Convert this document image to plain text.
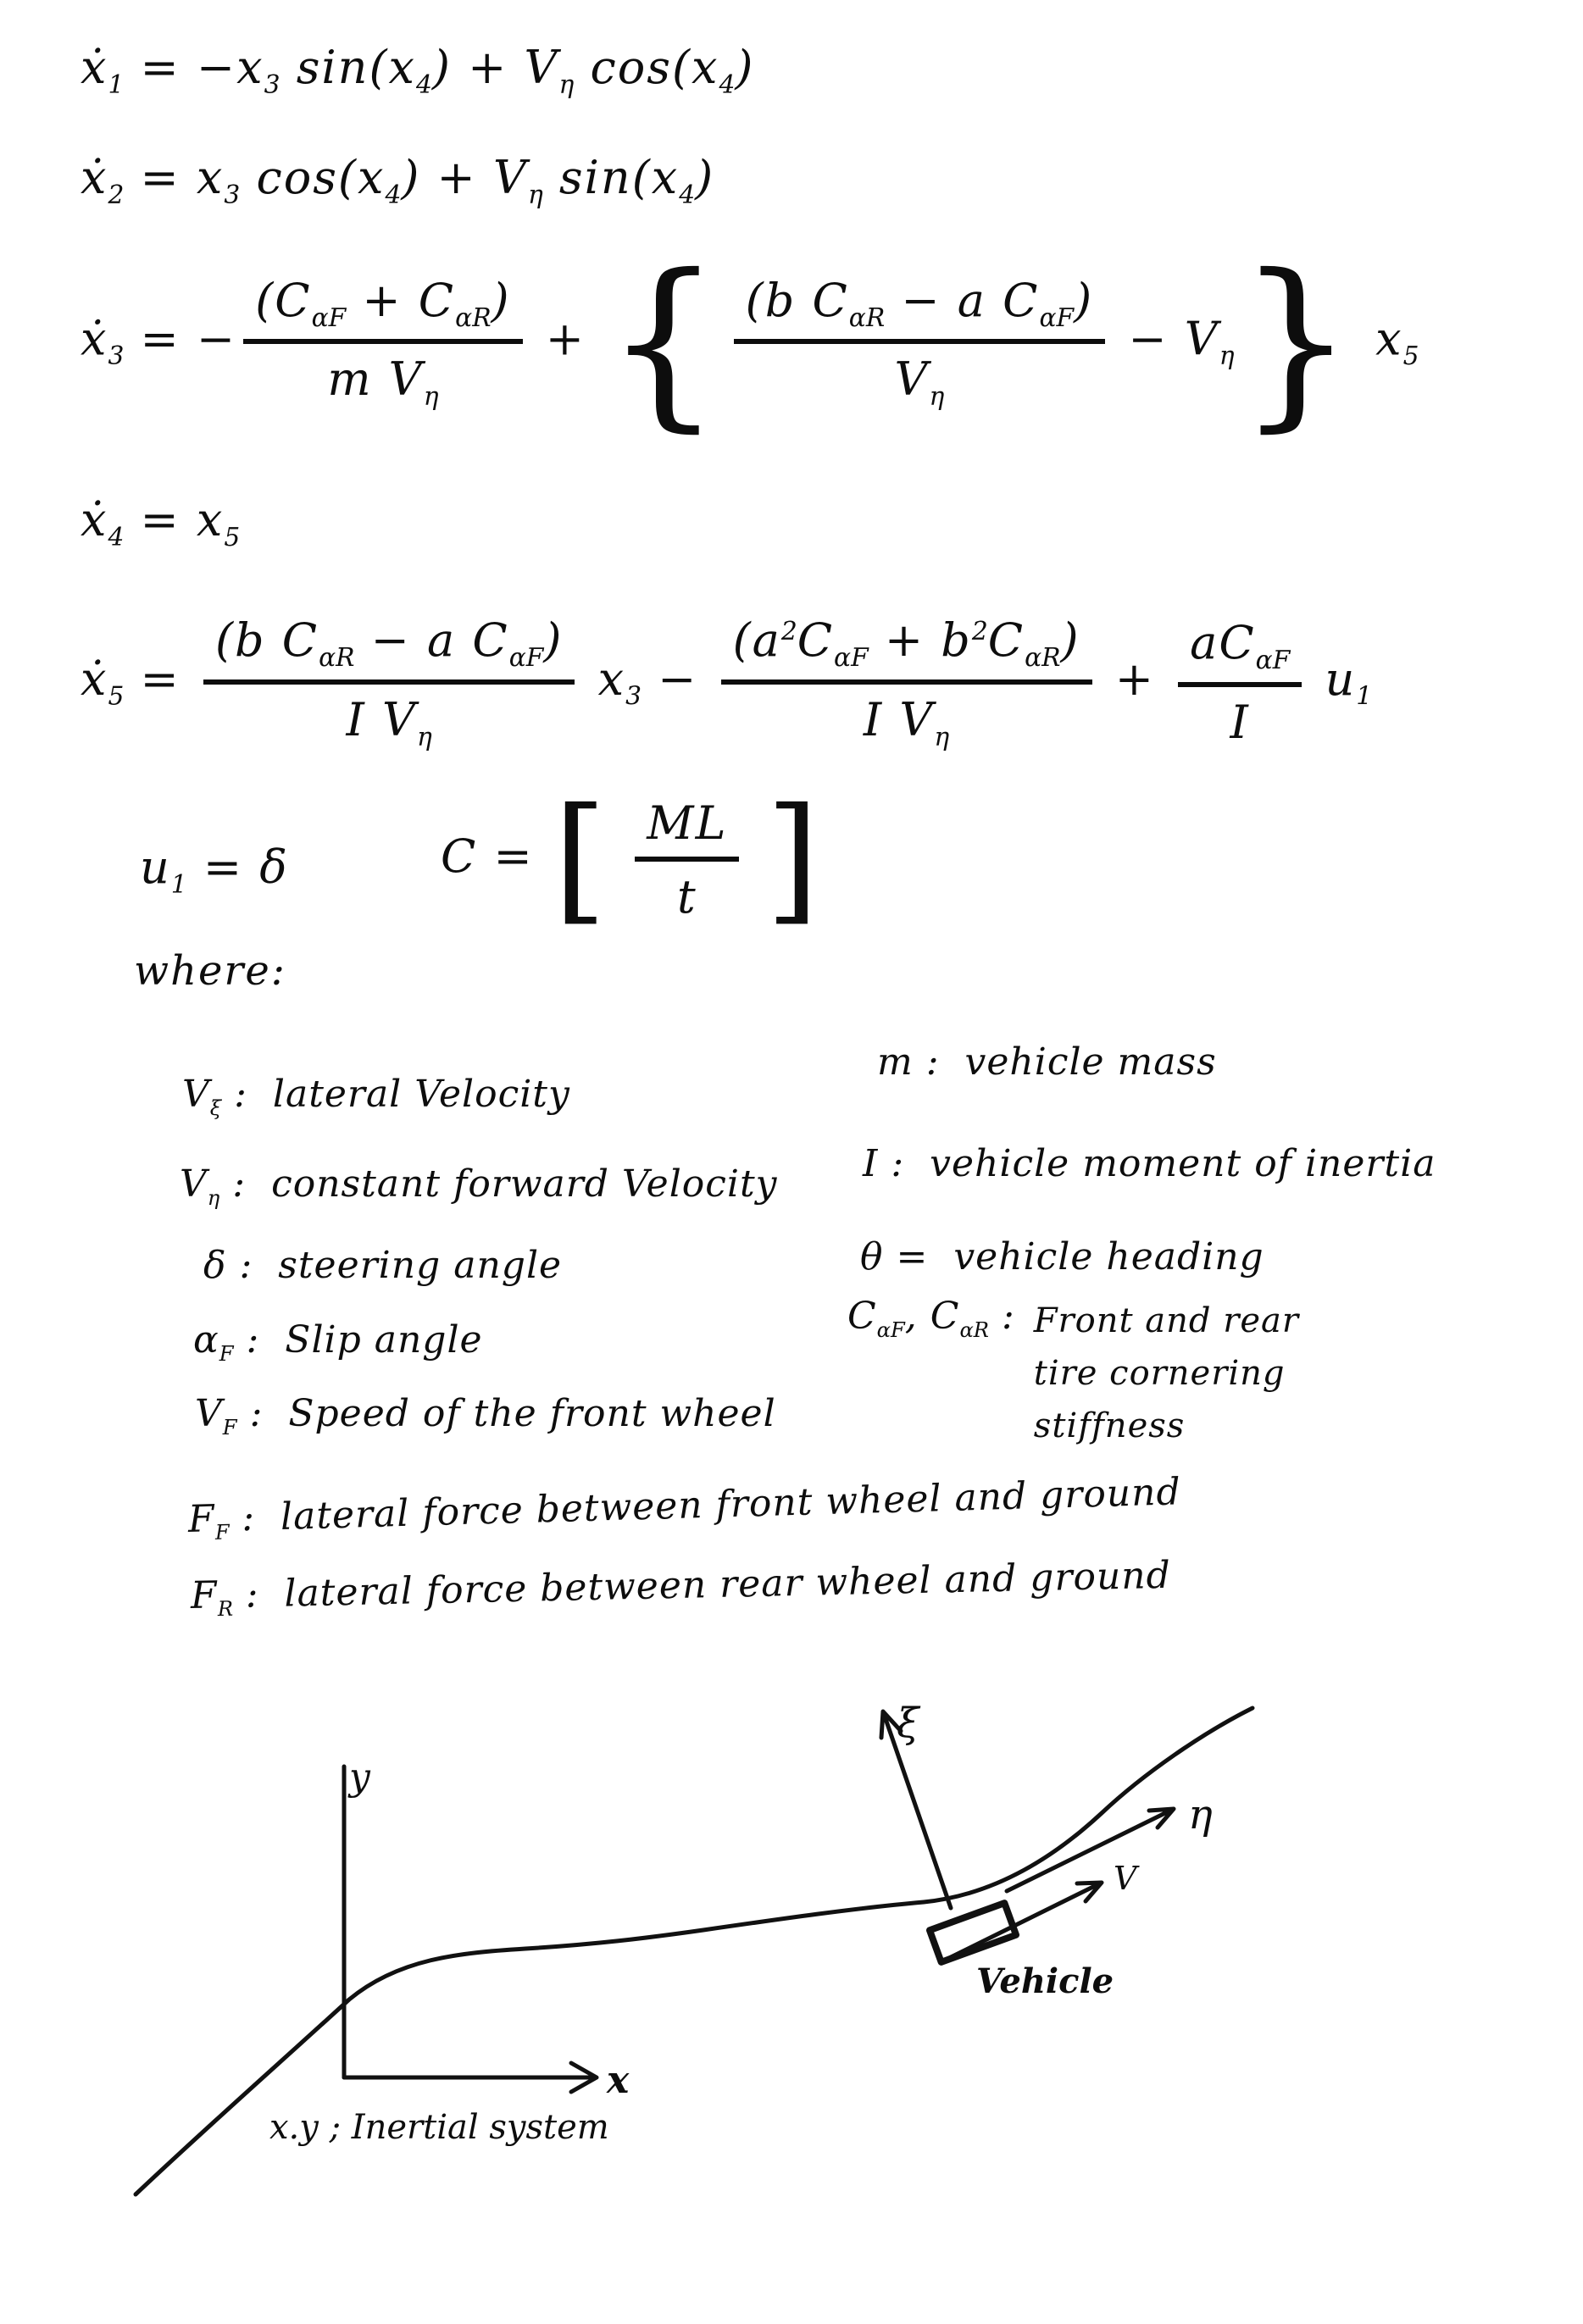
ẋ$_1$ = $-x_3$ $\sin(x_4) + V_\eta$ $\cos(x_4)$
ẋ$_2$ = $x_3$ $\cos(x_4) + V_\eta$ $\sin(x_4)$
ẋ$_3$ = − $\frac{(C_{\alpha F} + C_{\alpha R})}{m V_\eta}$ + { $\frac{(b C_{\alpha R} - a C_{\alpha F})}{V_\eta} - V_\eta$} $x_5$
ẋ$_4$ = $x_5$
ẋ$_5$ = $\frac{(b C_{\alpha R} - a C_{\alpha F})}{I V_\eta} x_3 - \frac{(a^2C_{\alpha F} + b^2C_{\alpha R})}{I V_\eta} + \frac{aC_{\alpha F}}{I} u_1$
$u_1 = \delta$	C = [ $\frac{ML}{t}$ ]
where:
$V_\xi$ :  lateral Velocity
$V_\eta$ :  constant forward Velocity
δ :  steering angle
$\alpha_F$ :  Slip angle
$V_F$ :  Speed of the front wheel
m :  vehicle mass
I :  vehicle moment of inertia
θ =  vehicle heading
$C_{\alpha F}$, $C_{\alpha R}$ : Front and rear
tire cornering
stiffness
$F_F$ :  lateral force between front wheel and ground
$F_R$ :  lateral force between rear wheel and ground
y
x
ξ
η
V
Vehicle
x.y ; Inertial system
